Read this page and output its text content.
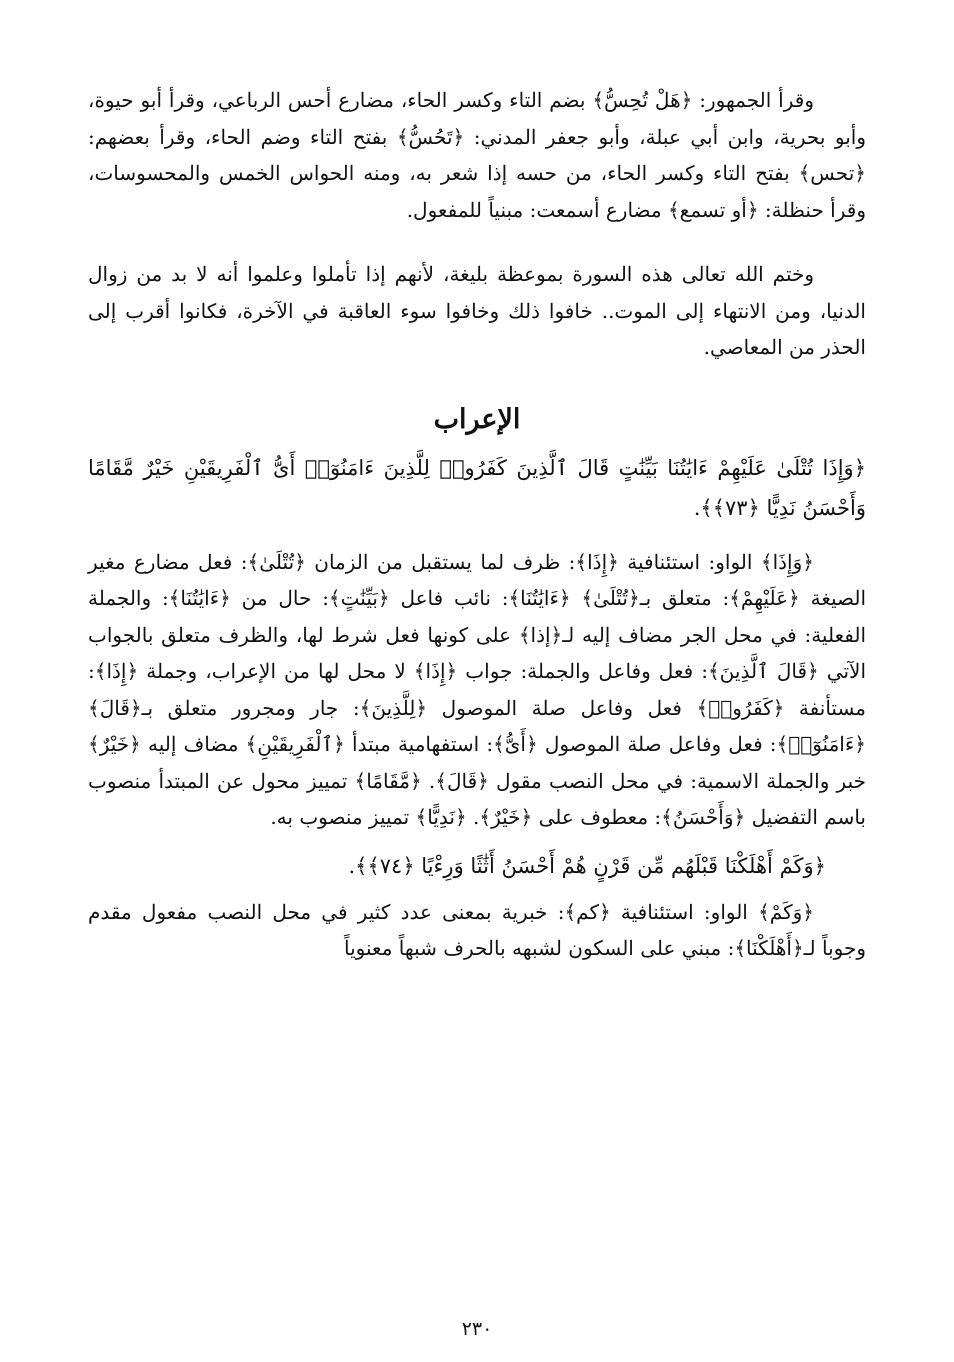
وقرأ الجمهور: ﴿هَلْ تُحِسُّ﴾ بضم التاء وكسر الحاء، مضارع أحس الرباعي، وقرأ أبو حيوة، وأبو بحرية، وابن أبي عبلة، وأبو جعفر المدني: ﴿تَحُسُّ﴾ بفتح التاء وضم الحاء، وقرأ بعضهم: ﴿تحس﴾ بفتح التاء وكسر الحاء، من حسه إذا شعر به، ومنه الحواس الخمس والمحسوسات، وقرأ حنظلة: ﴿أو تسمع﴾ مضارع أسمعت: مبنياً للمفعول.

وختم الله تعالى هذه السورة بموعظة بليغة، لأنهم إذا تأملوا وعلموا أنه لا بد من زوال الدنيا، ومن الانتهاء إلى الموت.. خافوا ذلك وخافوا سوء العاقبة في الآخرة، فكانوا أقرب إلى الحذر من المعاصي.

الإعراب

﴿وَإِذَا تُتْلَىٰ عَلَيْهِمْ ءَايَٰتُنَا بَيِّنَٰتٍ قَالَ ٱلَّذِينَ كَفَرُوا۟ لِلَّذِينَ ءَامَنُوٓا۟ أَىُّ ٱلْفَرِيقَيْنِ خَيْرٌ مَّقَامًا وَأَحْسَنُ نَدِيًّا ﴿٧٣﴾﴾.

﴿وَإِذَا﴾ الواو: استئنافية ﴿إِذَا﴾: ظرف لما يستقبل من الزمان ﴿تُتْلَىٰ﴾: فعل مضارع مغير الصيغة ﴿عَلَيْهِمْ﴾: متعلق بـ﴿تُتْلَىٰ﴾ ﴿ءَايَٰتُنَا﴾: نائب فاعل ﴿بَيِّنَٰتٍ﴾: حال من ﴿ءَايَٰتُنَا﴾: والجملة الفعلية: في محل الجر مضاف إليه لـ﴿إذا﴾ على كونها فعل شرط لها، والظرف متعلق بالجواب الآتي ﴿قَالَ ٱلَّذِينَ﴾: فعل وفاعل والجملة: جواب ﴿إِذَا﴾ لا محل لها من الإعراب، وجملة ﴿إِذَا﴾: مستأنفة ﴿كَفَرُوا۟﴾ فعل وفاعل صلة الموصول ﴿لِلَّذِينَ﴾: جار ومجرور متعلق بـ﴿قَالَ﴾ ﴿ءَامَنُوٓا۟﴾: فعل وفاعل صلة الموصول ﴿أَىُّ﴾: استفهامية مبتدأ ﴿ٱلْفَرِيقَيْنِ﴾ مضاف إليه ﴿خَيْرٌ﴾ خبر والجملة الاسمية: في محل النصب مقول ﴿قَالَ﴾. ﴿مَّقَامًا﴾ تمييز محول عن المبتدأ منصوب باسم التفضيل ﴿وَأَحْسَنُ﴾: معطوف على ﴿خَيْرٌ﴾. ﴿نَدِيًّا﴾ تمييز منصوب به.

﴿وَكَمْ أَهْلَكْنَا قَبْلَهُم مِّن قَرْنٍ هُمْ أَحْسَنُ أَثَٰثًا وَرِءْيًا ﴿٧٤﴾﴾.

﴿وَكَمْ﴾ الواو: استئنافية ﴿كم﴾: خبرية بمعنى عدد كثير في محل النصب مفعول مقدم وجوباً لـ﴿أَهْلَكْنَا﴾: مبني على السكون لشبهه بالحرف شبهاً معنوياً

٢٣٠
